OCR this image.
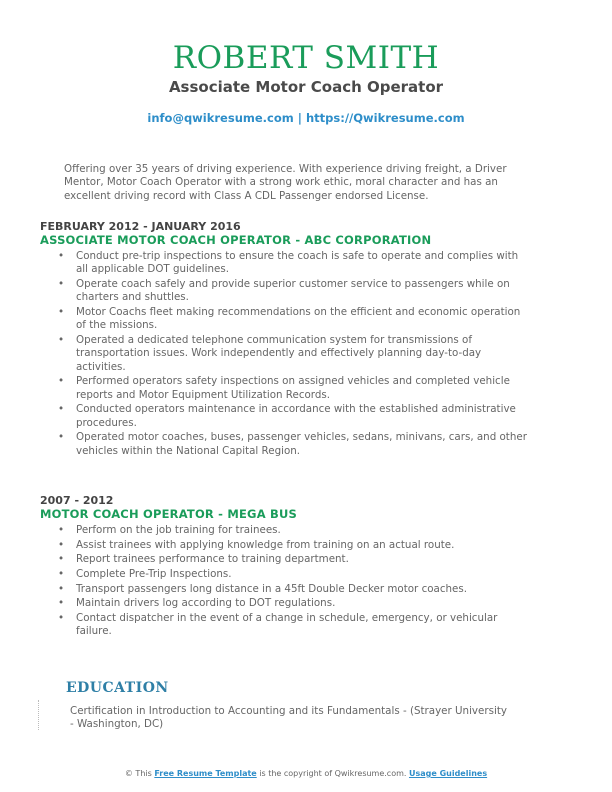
ROBERT SMITH
Associate Motor Coach Operator
info@qwikresume.com | https://Qwikresume.com
Offering over 35 years of driving experience. With experience driving freight, a Driver Mentor, Motor Coach Operator with a strong work ethic, moral character and has an excellent driving record with Class A CDL Passenger endorsed License.
FEBRUARY 2012 - JANUARY 2016
ASSOCIATE MOTOR COACH OPERATOR - ABC CORPORATION
• Conduct pre-trip inspections to ensure the coach is safe to operate and complies with all applicable DOT guidelines.
• Operate coach safely and provide superior customer service to passengers while on charters and shuttles.
• Motor Coachs fleet making recommendations on the efficient and economic operation of the missions.
• Operated a dedicated telephone communication system for transmissions of transportation issues. Work independently and effectively planning day-to-day activities.
• Performed operators safety inspections on assigned vehicles and completed vehicle reports and Motor Equipment Utilization Records.
• Conducted operators maintenance in accordance with the established administrative procedures.
• Operated motor coaches, buses, passenger vehicles, sedans, minivans, cars, and other vehicles within the National Capital Region.
2007 - 2012
MOTOR COACH OPERATOR - MEGA BUS
• Perform on the job training for trainees.
• Assist trainees with applying knowledge from training on an actual route.
• Report trainees performance to training department.
• Complete Pre-Trip Inspections.
• Transport passengers long distance in a 45ft Double Decker motor coaches.
• Maintain drivers log according to DOT regulations.
• Contact dispatcher in the event of a change in schedule, emergency, or vehicular failure.
EDUCATION
Certification in Introduction to Accounting and its Fundamentals - (Strayer University - Washington, DC)
© This Free Resume Template is the copyright of Qwikresume.com. Usage Guidelines
